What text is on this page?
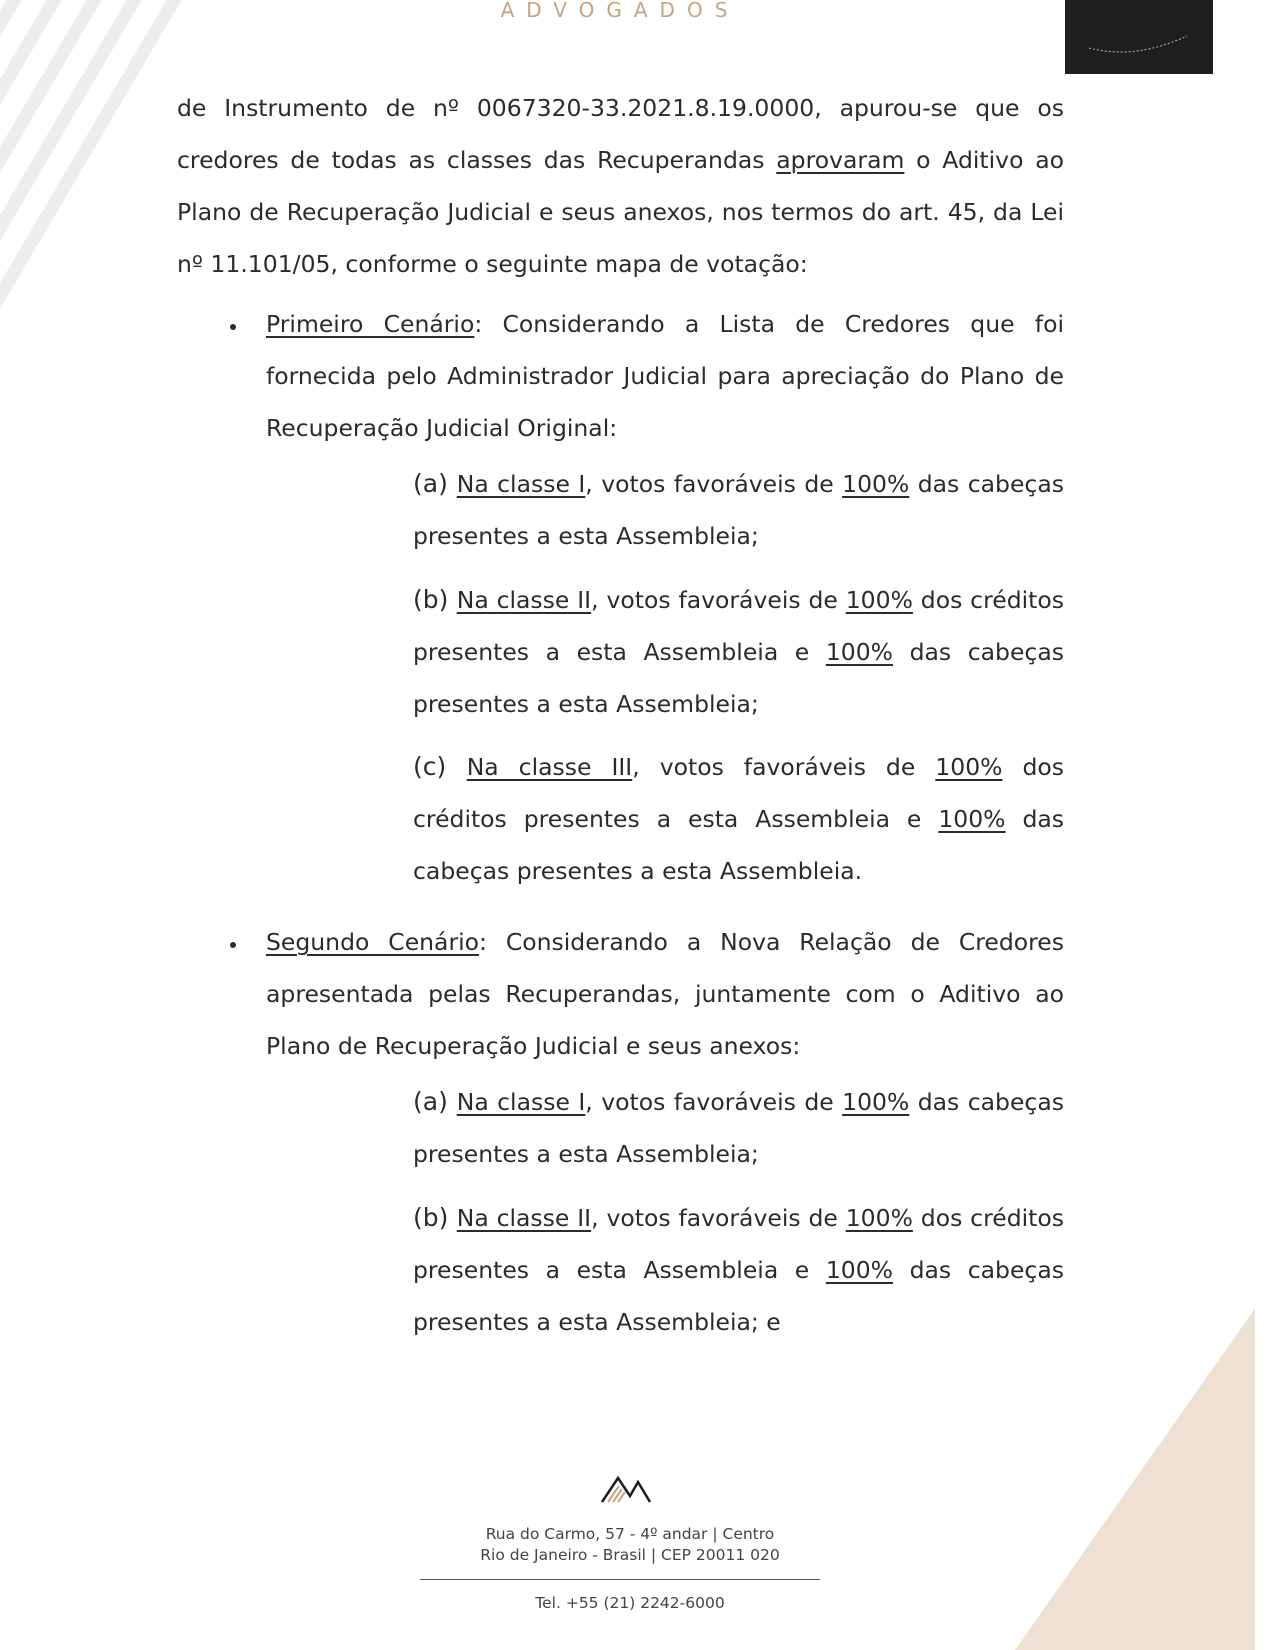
ADVOGADOS

de Instrumento de nº 0067320-33.2021.8.19.0000, apurou-se que os credores de todas as classes das Recuperandas aprovaram o Aditivo ao Plano de Recuperação Judicial e seus anexos, nos termos do art. 45, da Lei nº 11.101/05, conforme o seguinte mapa de votação:

Primeiro Cenário: Considerando a Lista de Credores que foi fornecida pelo Administrador Judicial para apreciação do Plano de Recuperação Judicial Original:

(a) Na classe I, votos favoráveis de 100% das cabeças presentes a esta Assembleia;

(b) Na classe II, votos favoráveis de 100% dos créditos presentes a esta Assembleia e 100% das cabeças presentes a esta Assembleia;

(c) Na classe III, votos favoráveis de 100% dos créditos presentes a esta Assembleia e 100% das cabeças presentes a esta Assembleia.

Segundo Cenário: Considerando a Nova Relação de Credores apresentada pelas Recuperandas, juntamente com o Aditivo ao Plano de Recuperação Judicial e seus anexos:

(a) Na classe I, votos favoráveis de 100% das cabeças presentes a esta Assembleia;

(b) Na classe II, votos favoráveis de 100% dos créditos presentes a esta Assembleia e 100% das cabeças presentes a esta Assembleia; e

Rua do Carmo, 57 - 4º andar | Centro
Rio de Janeiro - Brasil | CEP 20011 020

Tel. +55 (21) 2242-6000
